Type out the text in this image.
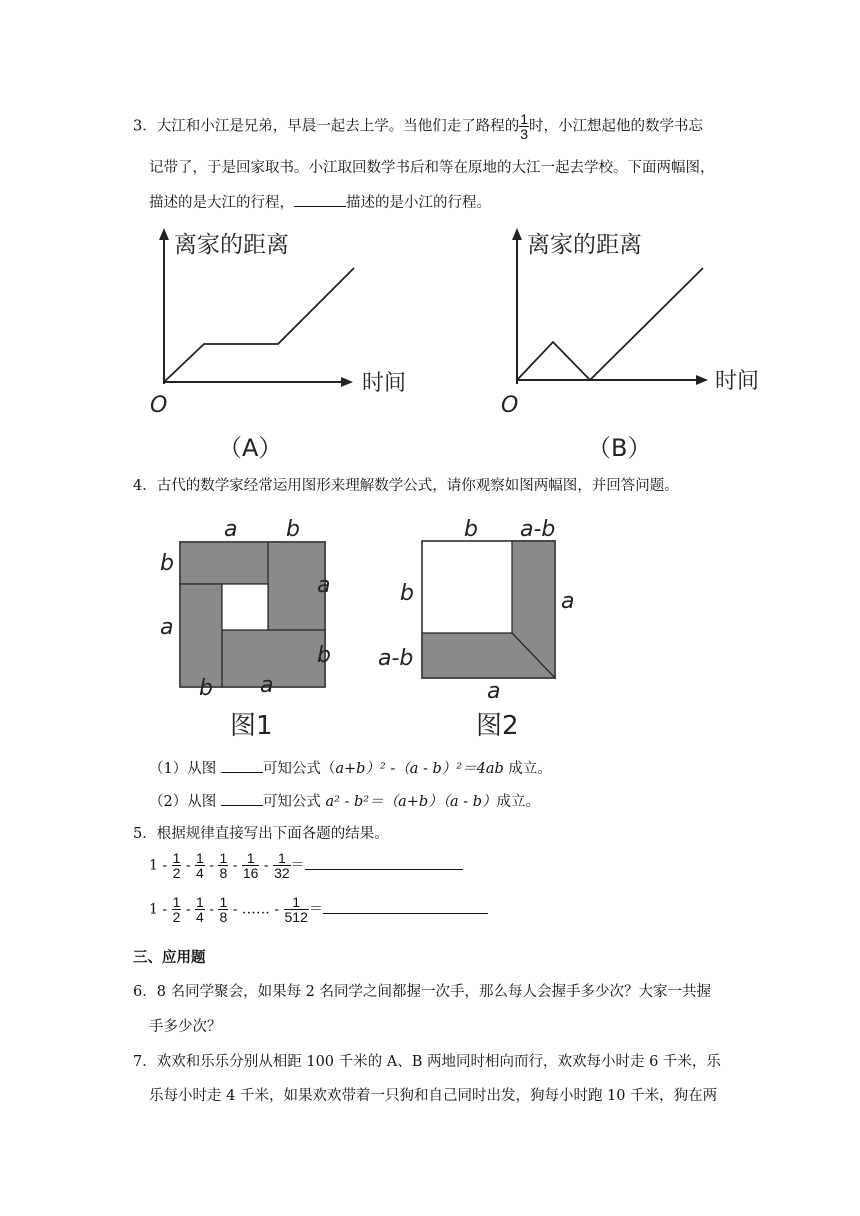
3．大江和小江是兄弟，早晨一起去上学。当他们走了路程的 $\frac{1}{3}$ 时，小江想起他的数学书忘
记带了，于是回家取书。小江取回数学书后和等在原地的大江一起去学校。下面两幅图，
描述的是大江的行程，	描述的是小江的行程。
离家的距离
时间
O
（A）
离家的距离
时间
O
（B）
4．古代的数学家经常运用图形来理解数学公式，请你观察如图两幅图，并回答问题。
a b
b
a
a
b
b a
图1
b a-b
b
a-b
a
a
图2
（1）从图	可知公式（a+b）² -（a - b）²＝4ab 成立。
（2）从图	可知公式 a² - b²＝（a+b）（a - b）成立。
5．根据规律直接写出下面各题的结果。
$1 - \frac{1}{2} - \frac{1}{4} - \frac{1}{8} - \frac{1}{16} - \frac{1}{32}$ ＝
$1 - \frac{1}{2} - \frac{1}{4} - \frac{1}{8}$ - …… - $\frac{1}{512}$ ＝
三、应用题
6．8 名同学聚会，如果每 2 名同学之间都握一次手，那么每人会握手多少次？大家一共握
手多少次？
7．欢欢和乐乐分别从相距 100 千米的 A、B 两地同时相向而行，欢欢每小时走 6 千米，乐
乐每小时走 4 千米，如果欢欢带着一只狗和自己同时出发，狗每小时跑 10 千米，狗在两
